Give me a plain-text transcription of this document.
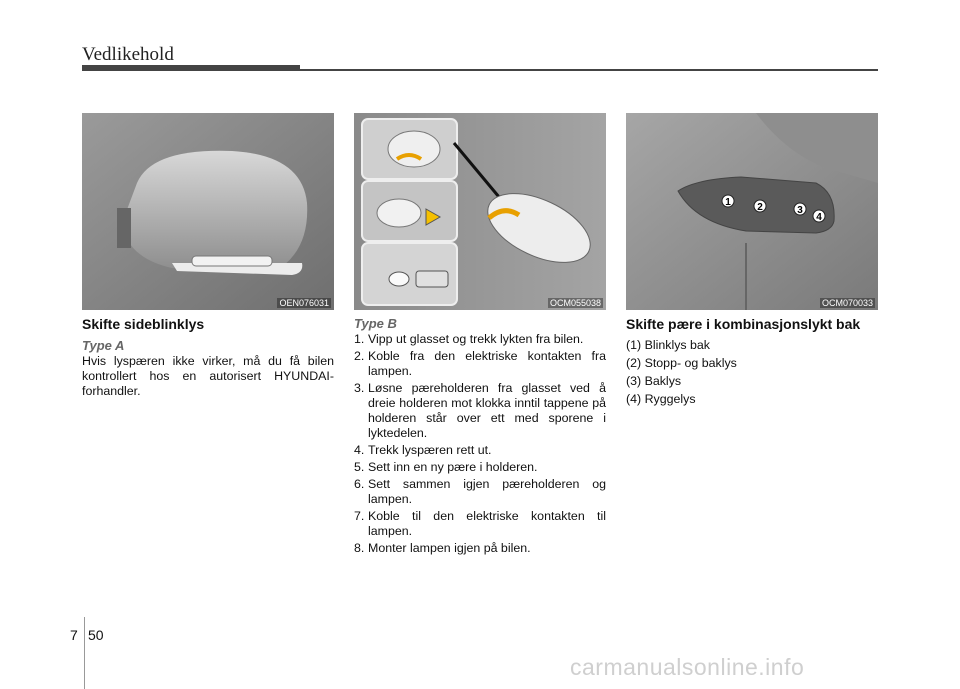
Vedlikehold
OEN076031	OCM055038
1	2	3
4
OCM070033
Skifte sideblinklys
Type A

Hvis lyspæren ikke virker, må du få bilen kontrollert hos en autorisert HYUNDAI-forhandler.

Type B
1. Vipp ut glasset og trekk lykten fra bilen.
2. Koble fra den elektriske kontakten fra lampen.
3. Løsne pæreholderen fra glasset ved å dreie holderen mot klokka inntil tappene på holderen står over ett med sporene i lyktedelen.
4. Trekk lyspæren rett ut.
5. Sett inn en ny pære i holderen.
6. Sett sammen igjen pæreholderen og lampen.
7. Koble til den elektriske kontakten til lampen.
8. Monter lampen igjen på bilen.
Skifte pære i kombinasjonslykt bak
(1) Blinklys bak
(2) Stopp- og baklys
(3) Baklys
(4) Ryggelys
7 50
carmanualsonline.info
